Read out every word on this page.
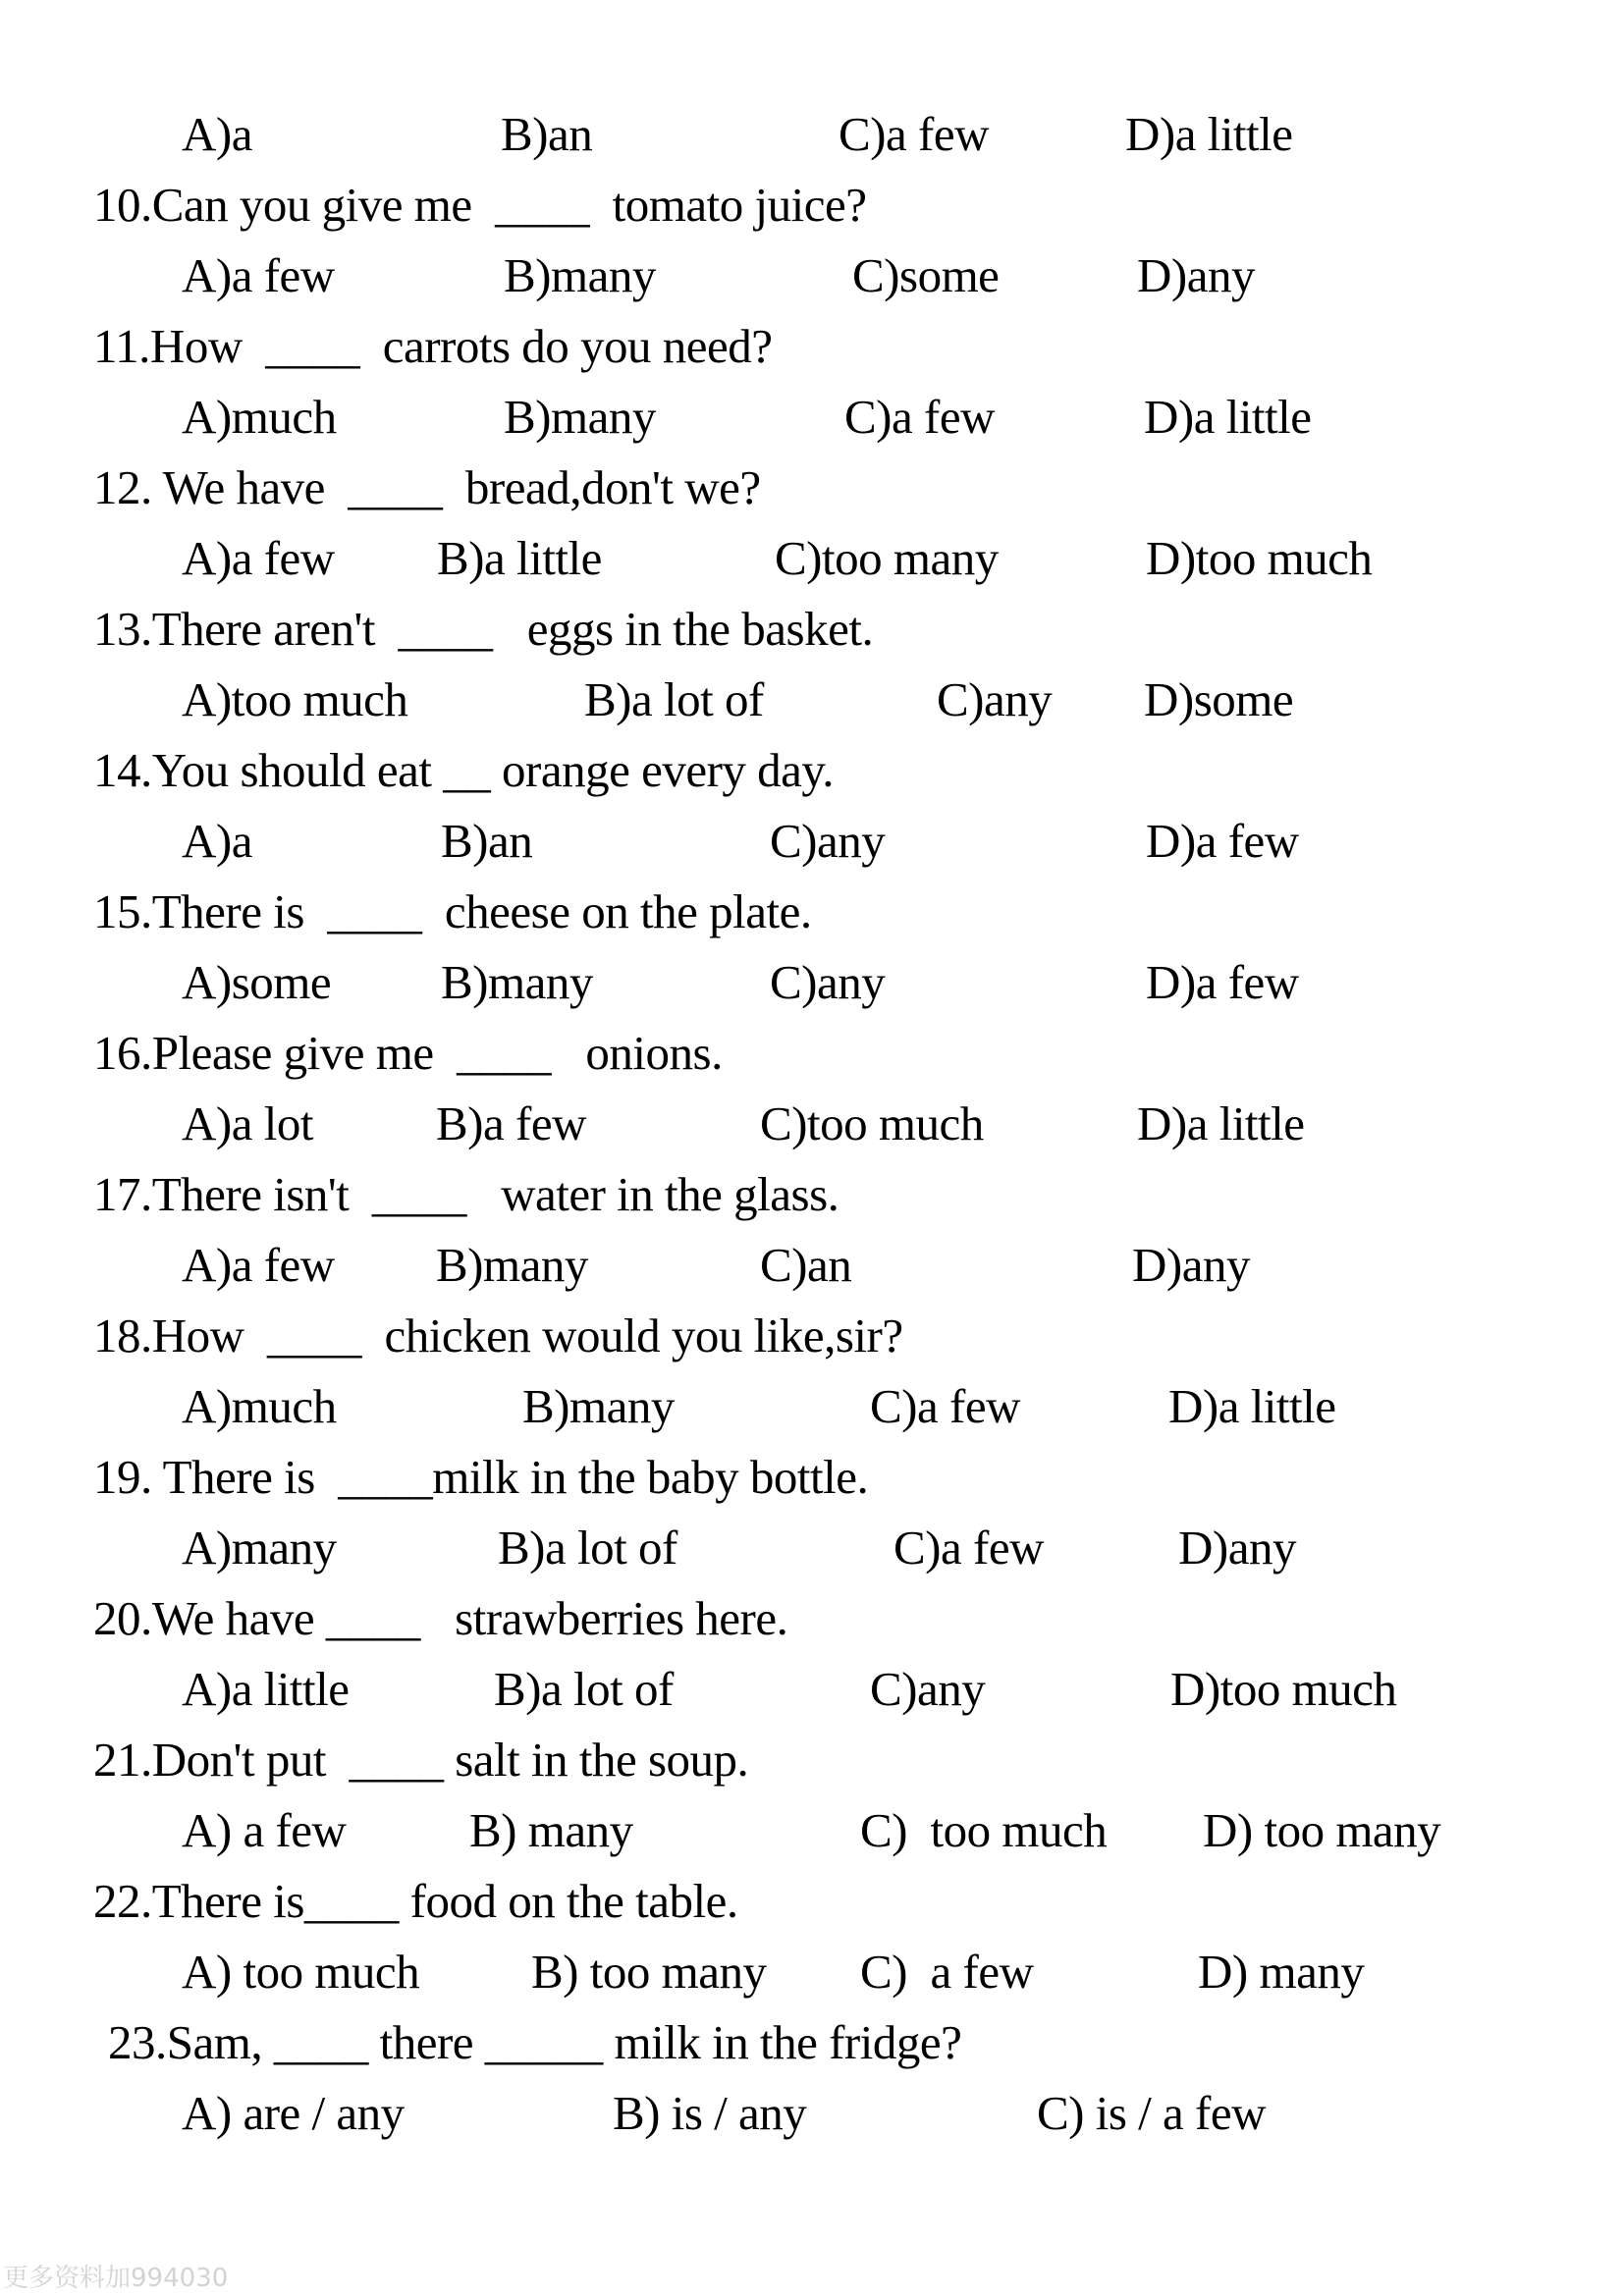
A)a	B)an	C)a few	D)a little
10.Can you give me  ____  tomato juice?
A)a few	B)many	C)some	D)any
11.How  ____  carrots do you need?
A)much	B)many	C)a few	D)a little
12. We have  ____  bread,don't we?
A)a few B)a little	C)too many	D)too much
13.There aren't  ____   eggs in the basket.
A)too much	B)a lot of	C)any D)some
14.You should eat __ orange every day.
A)a	B)an	C)any	D)a few
15.There is  ____  cheese on the plate.
A)some B)many	C)any	D)a few
16.Please give me  ____   onions.
A)a lot	B)a few	C)too much	D)a little
17.There isn't  ____   water in the glass.
A)a few B)many	C)an	D)any
18.How  ____  chicken would you like,sir?
A)much	B)many	C)a few	D)a little
19. There is  ____milk in the baby bottle.
A)many	B)a lot of	C)a few	D)any
20.We have ____   strawberries here.
A)a little	B)a lot of	C)any	D)too much
21.Don't put  ____ salt in the soup.
A) a few	B) many	C)  too much D) too many
22.There is____ food on the table.
A) too much B) too many C)  a few	D) many
23.Sam, ____ there _____ milk in the fridge?
A) are / any	B) is / any	C) is / a few
更多资料加994030
